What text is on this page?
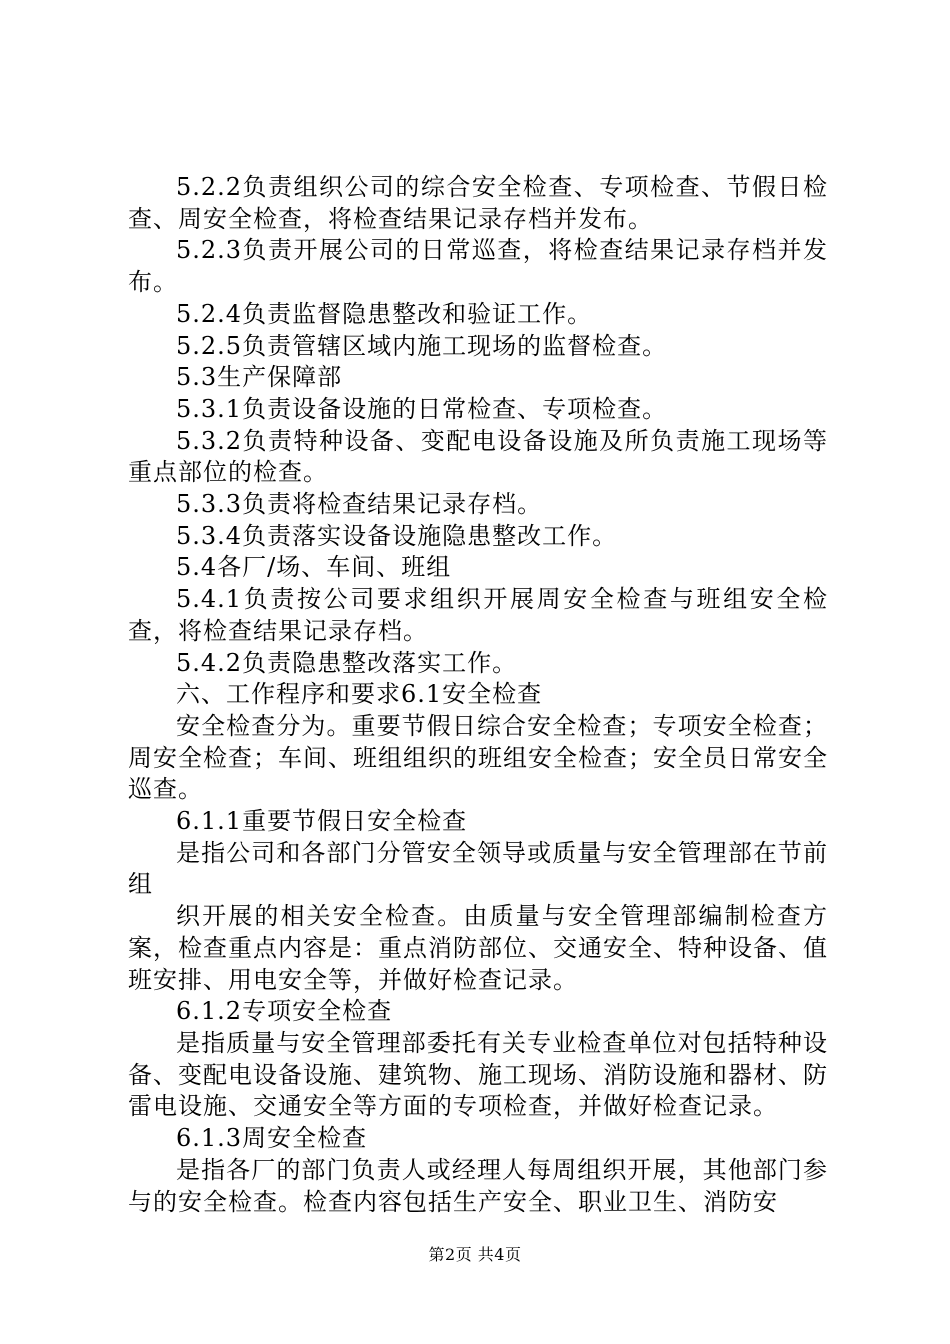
5.2.2负责组织公司的综合安全检查、专项检查、节假日检查、周安全检查，将检查结果记录存档并发布。

5.2.3负责开展公司的日常巡查，将检查结果记录存档并发布。

5.2.4负责监督隐患整改和验证工作。

5.2.5负责管辖区域内施工现场的监督检查。

5.3生产保障部

5.3.1负责设备设施的日常检查、专项检查。

5.3.2负责特种设备、变配电设备设施及所负责施工现场等重点部位的检查。

5.3.3负责将检查结果记录存档。

5.3.4负责落实设备设施隐患整改工作。

5.4各厂/场、车间、班组

5.4.1负责按公司要求组织开展周安全检查与班组安全检查，将检查结果记录存档。

5.4.2负责隐患整改落实工作。

六、工作程序和要求6.1安全检查

安全检查分为。重要节假日综合安全检查；专项安全检查；周安全检查；车间、班组组织的班组安全检查；安全员日常安全巡查。

6.1.1重要节假日安全检查

是指公司和各部门分管安全领导或质量与安全管理部在节前组

织开展的相关安全检查。由质量与安全管理部编制检查方案，检查重点内容是：重点消防部位、交通安全、特种设备、值班安排、用电安全等，并做好检查记录。

6.1.2专项安全检查

是指质量与安全管理部委托有关专业检查单位对包括特种设备、变配电设备设施、建筑物、施工现场、消防设施和器材、防雷电设施、交通安全等方面的专项检查，并做好检查记录。

6.1.3周安全检查

是指各厂的部门负责人或经理人每周组织开展，其他部门参与的安全检查。检查内容包括生产安全、职业卫生、消防安

第2页 共4页
